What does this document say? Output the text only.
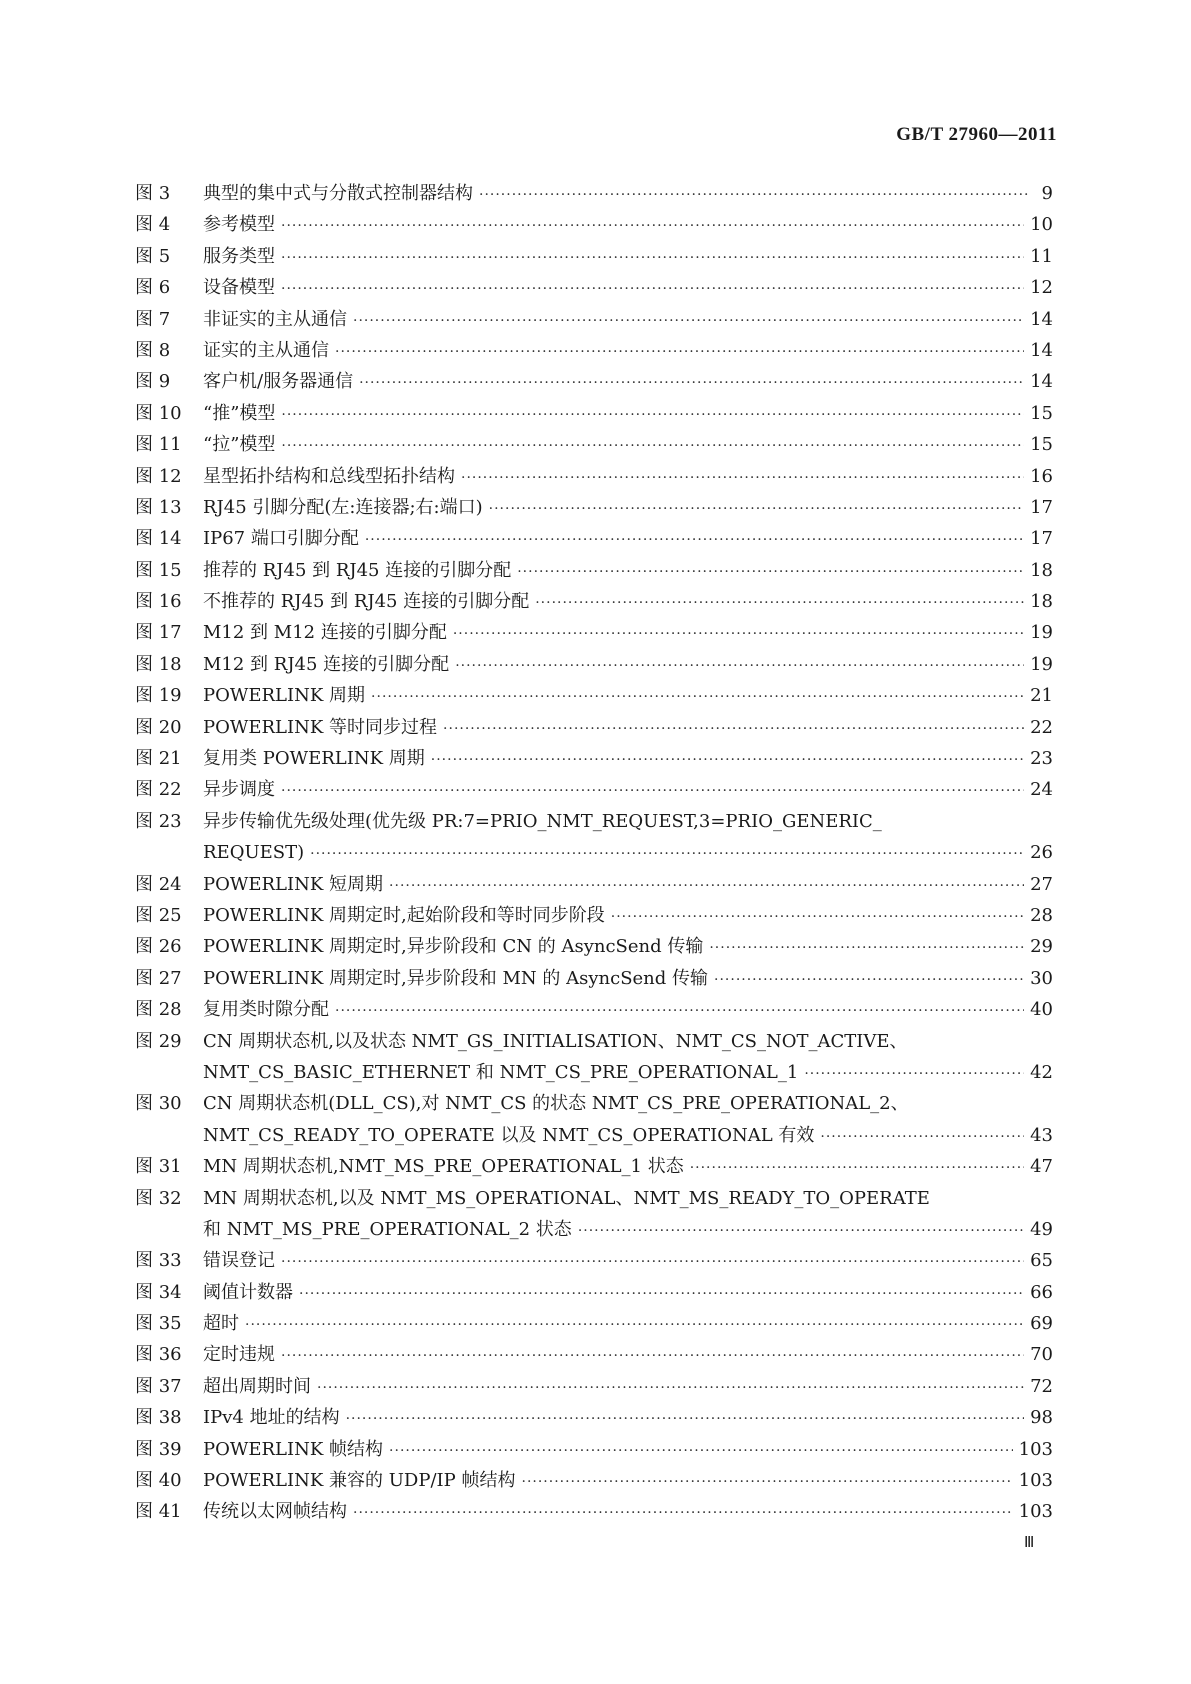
GB/T 27960—2011
图 3	典型的集中式与分散式控制器结构 ·····	9
图 4	参考模型 ·····	10
图 5	服务类型 ·····	11
图 6	设备模型 ·····	12
图 7	非证实的主从通信 ·····	14
图 8	证实的主从通信 ·····	14
图 9	客户机/服务器通信 ·····	14
图 10	“推”模型 ·····	15
图 11	“拉”模型 ·····	15
图 12	星型拓扑结构和总线型拓扑结构 ·····	16
图 13	RJ45 引脚分配(左:连接器;右:端口) ·····	17
图 14	IP67 端口引脚分配 ·····	17
图 15	推荐的 RJ45 到 RJ45 连接的引脚分配 ·····	18
图 16	不推荐的 RJ45 到 RJ45 连接的引脚分配 ·····	18
图 17	M12 到 M12 连接的引脚分配 ·····	19
图 18	M12 到 RJ45 连接的引脚分配 ·····	19
图 19	POWERLINK 周期 ·····	21
图 20	POWERLINK 等时同步过程 ·····	22
图 21	复用类 POWERLINK 周期 ·····	23
图 22	异步调度 ·····	24
图 23	异步传输优先级处理(优先级 PR:7=PRIO_NMT_REQUEST,3=PRIO_GENERIC_
REQUEST) ·····	26
图 24	POWERLINK 短周期 ·····	27
图 25	POWERLINK 周期定时,起始阶段和等时同步阶段 ·····	28
图 26	POWERLINK 周期定时,异步阶段和 CN 的 AsyncSend 传输 ·····	29
图 27	POWERLINK 周期定时,异步阶段和 MN 的 AsyncSend 传输 ·····	30
图 28	复用类时隙分配 ·····	40
图 29	CN 周期状态机,以及状态 NMT_GS_INITIALISATION、NMT_CS_NOT_ACTIVE、
NMT_CS_BASIC_ETHERNET 和 NMT_CS_PRE_OPERATIONAL_1 ·····	42
图 30	CN 周期状态机(DLL_CS),对 NMT_CS 的状态 NMT_CS_PRE_OPERATIONAL_2、
NMT_CS_READY_TO_OPERATE 以及 NMT_CS_OPERATIONAL 有效 ·····	43
图 31	MN 周期状态机,NMT_MS_PRE_OPERATIONAL_1 状态 ·····	47
图 32	MN 周期状态机,以及 NMT_MS_OPERATIONAL、NMT_MS_READY_TO_OPERATE
和 NMT_MS_PRE_OPERATIONAL_2 状态 ·····	49
图 33	错误登记 ·····	65
图 34	阈值计数器 ·····	66
图 35	超时 ·····	69
图 36	定时违规 ·····	70
图 37	超出周期时间 ·····	72
图 38	IPv4 地址的结构 ·····	98
图 39	POWERLINK 帧结构 ·····	103
图 40	POWERLINK 兼容的 UDP/IP 帧结构 ·····	103
图 41	传统以太网帧结构 ·····	103
Ⅲ
